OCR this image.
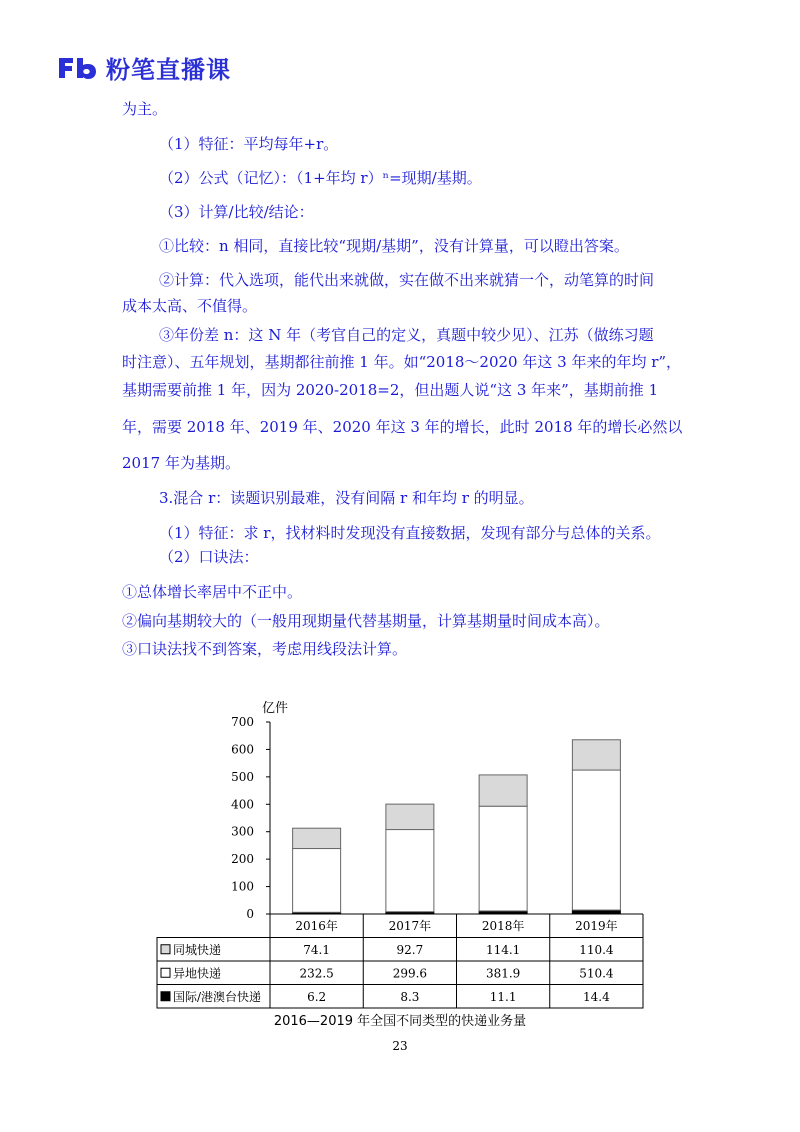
粉笔直播课
为主。
（1）特征：平均每年+r。
（2）公式（记忆）：（1+年均 r）ⁿ=现期/基期。
（3）计算/比较/结论：
①比较：n 相同，直接比较“现期/基期”，没有计算量，可以瞪出答案。
②计算：代入选项，能代出来就做，实在做不出来就猜一个，动笔算的时间
成本太高、不值得。
③年份差 n：这 N 年（考官自己的定义，真题中较少见）、江苏（做练习题
时注意）、五年规划，基期都往前推 1 年。如“2018～2020 年这 3 年来的年均 r”，
基期需要前推 1 年，因为 2020-2018=2，但出题人说“这 3 年来”，基期前推 1
年，需要 2018 年、2019 年、2020 年这 3 年的增长，此时 2018 年的增长必然以
2017 年为基期。
3.混合 r：读题识别最难，没有间隔 r 和年均 r 的明显。
（1）特征：求 r，找材料时发现没有直接数据，发现有部分与总体的关系。
（2）口诀法：
①总体增长率居中不正中。
②偏向基期较大的（一般用现期量代替基期量，计算基期量时间成本高）。
③口诀法找不到答案，考虑用线段法计算。
亿件
0
100
200
300
400
500
600
700
2016年	2017年	2018年	2019年
同城快递	74.1	92.7	114.1	110.4
异地快递	232.5	299.6	381.9	510.4
国际/港澳台快递	6.2	8.3	11.1	14.4
2016—2019 年全国不同类型的快递业务量
23
